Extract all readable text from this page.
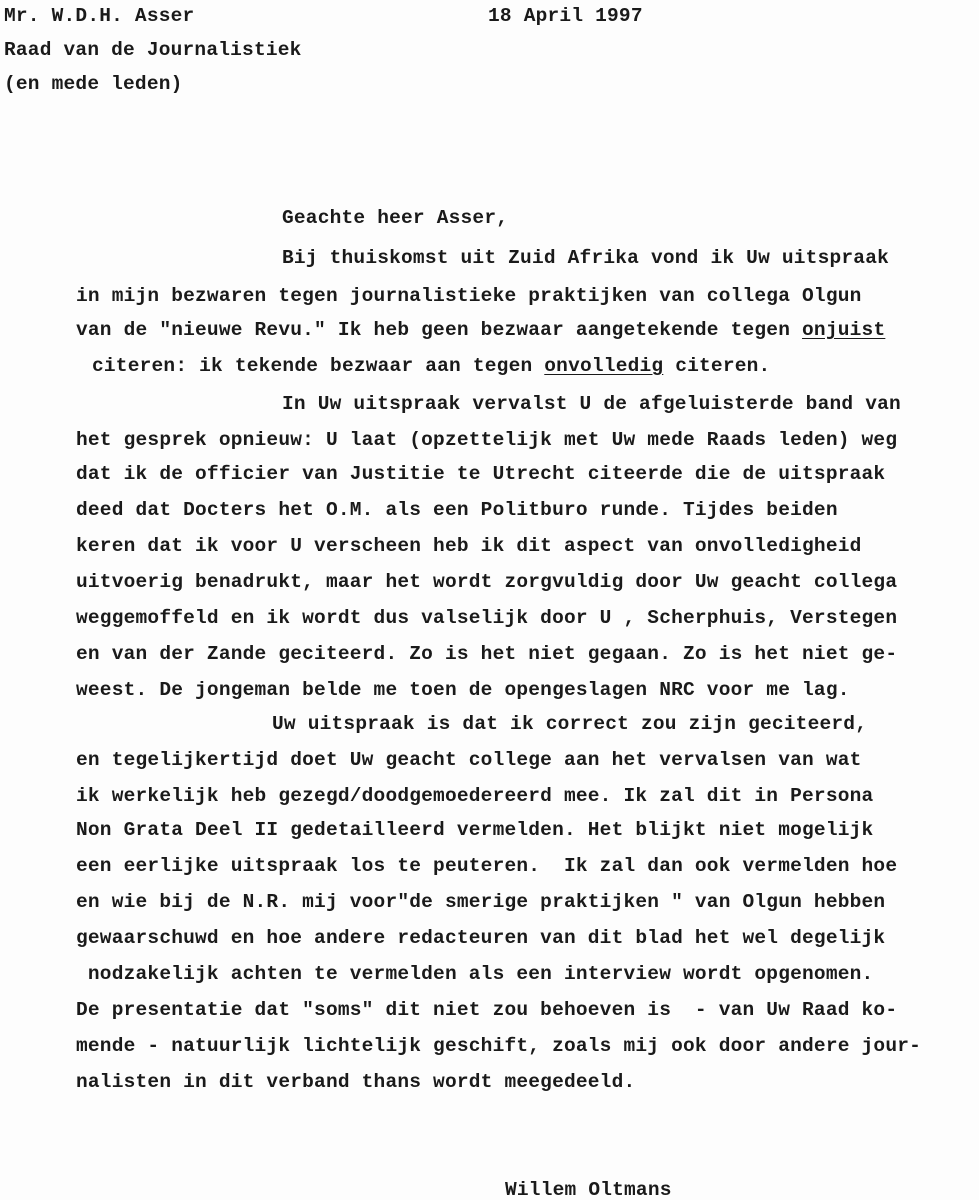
Mr. W.D.H. Asser
Raad van de Journalistiek
(en mede leden)
18 April 1997
Geachte heer Asser,
Bij thuiskomst uit Zuid Afrika vond ik Uw uitspraak
in mijn bezwaren tegen journalistieke praktijken van collega Olgun
van de "nieuwe Revu." Ik heb geen bezwaar aangetekende tegen onjuist
citeren: ik tekende bezwaar aan tegen onvolledig citeren.
In Uw uitspraak vervalst U de afgeluisterde band van
het gesprek opnieuw: U laat (opzettelijk met Uw mede Raads leden) weg
dat ik de officier van Justitie te Utrecht citeerde die de uitspraak
deed dat Docters het O.M. als een Politburo runde. Tijdes beiden
keren dat ik voor U verscheen heb ik dit aspect van onvolledigheid
uitvoerig benadrukt, maar het wordt zorgvuldig door Uw geacht collega
weggemoffeld en ik wordt dus valselijk door U , Scherphuis, Verstegen
en van der Zande geciteerd. Zo is het niet gegaan. Zo is het niet ge-
weest. De jongeman belde me toen de opengeslagen NRC voor me lag.
Uw uitspraak is dat ik correct zou zijn geciteerd,
en tegelijkertijd doet Uw geacht college aan het vervalsen van wat
ik werkelijk heb gezegd/doodgemoedereerd mee. Ik zal dit in Persona
Non Grata Deel II gedetailleerd vermelden. Het blijkt niet mogelijk
een eerlijke uitspraak los te peuteren.  Ik zal dan ook vermelden hoe
en wie bij de N.R. mij voor"de smerige praktijken " van Olgun hebben
gewaarschuwd en hoe andere redacteuren van dit blad het wel degelijk
nodzakelijk achten te vermelden als een interview wordt opgenomen.
De presentatie dat "soms" dit niet zou behoeven is  - van Uw Raad ko-
mende - natuurlijk lichtelijk geschift, zoals mij ook door andere jour-
nalisten in dit verband thans wordt meegedeeld.
Willem Oltmans
